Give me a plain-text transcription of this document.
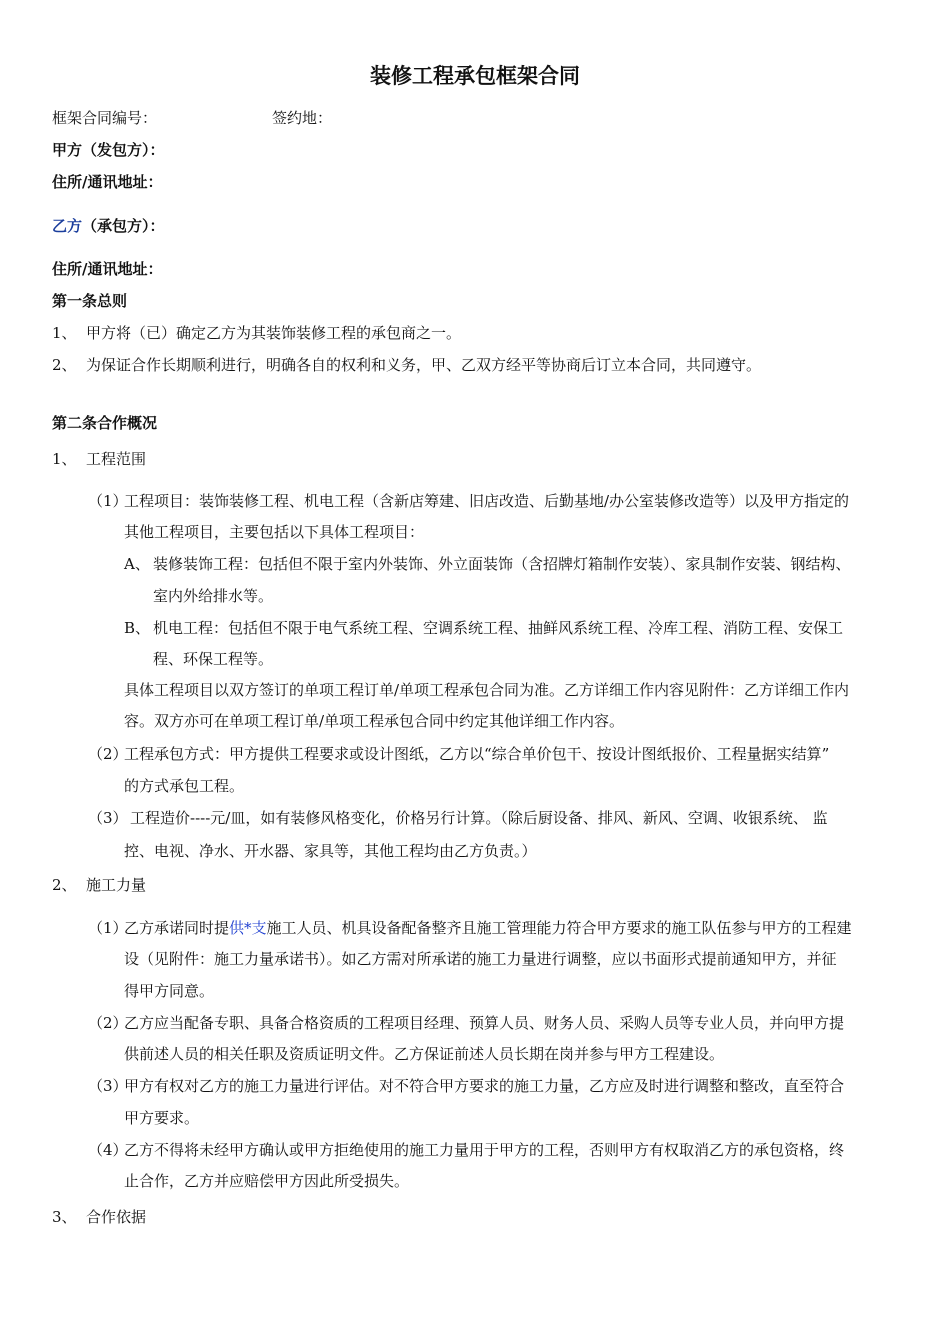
装修工程承包框架合同
框架合同编号：	签约地：
甲方（发包方）：
住所/通讯地址：
乙方（承包方）：
住所/通讯地址：
第一条总则
1、 甲方将（已）确定乙方为其装饰装修工程的承包商之一。
2、 为保证合作长期顺利进行，明确各自的权利和义务，甲、乙双方经平等协商后订立本合同，共同遵守。
第二条合作概况
1、 工程范围
（1）
工程项目：装饰装修工程、机电工程（含新店筹建、旧店改造、后勤基地/办公室装修改造等）以及甲方指定的
其他工程项目，主要包括以下具体工程项目：
A、 装修装饰工程：包括但不限于室内外装饰、外立面装饰（含招牌灯箱制作安装）、家具制作安装、钢结构、
室内外给排水等。
B、 机电工程：包括但不限于电气系统工程、空调系统工程、抽鲜风系统工程、冷库工程、消防工程、安保工
程、环保工程等。
具体工程项目以双方签订的单项工程订单/单项工程承包合同为准。乙方详细工作内容见附件：乙方详细工作内
容。双方亦可在单项工程订单/单项工程承包合同中约定其他详细工作内容。
（2）
工程承包方式：甲方提供工程要求或设计图纸，乙方以“综合单价包干、按设计图纸报价、工程量据实结算”
的方式承包工程。
（3） 工程造价----元/皿，如有装修风格变化，价格另行计算。（除后厨设备、排风、新风、空调、收银系统、 监
控、电视、净水、开水器、家具等，其他工程均由乙方负责。）
2、 施工力量
（1）
乙方承诺同时提供*支施工人员、机具设备配备整齐且施工管理能力符合甲方要求的施工队伍参与甲方的工程建
设（见附件：施工力量承诺书）。如乙方需对所承诺的施工力量进行调整，应以书面形式提前通知甲方，并征
得甲方同意。
（2）
乙方应当配备专职、具备合格资质的工程项目经理、预算人员、财务人员、采购人员等专业人员，并向甲方提
供前述人员的相关任职及资质证明文件。乙方保证前述人员长期在岗并参与甲方工程建设。
（3）
甲方有权对乙方的施工力量进行评估。对不符合甲方要求的施工力量，乙方应及时进行调整和整改，直至符合
甲方要求。
（4）
乙方不得将未经甲方确认或甲方拒绝使用的施工力量用于甲方的工程，否则甲方有权取消乙方的承包资格，终
止合作，乙方并应赔偿甲方因此所受损失。
3、 合作依据
